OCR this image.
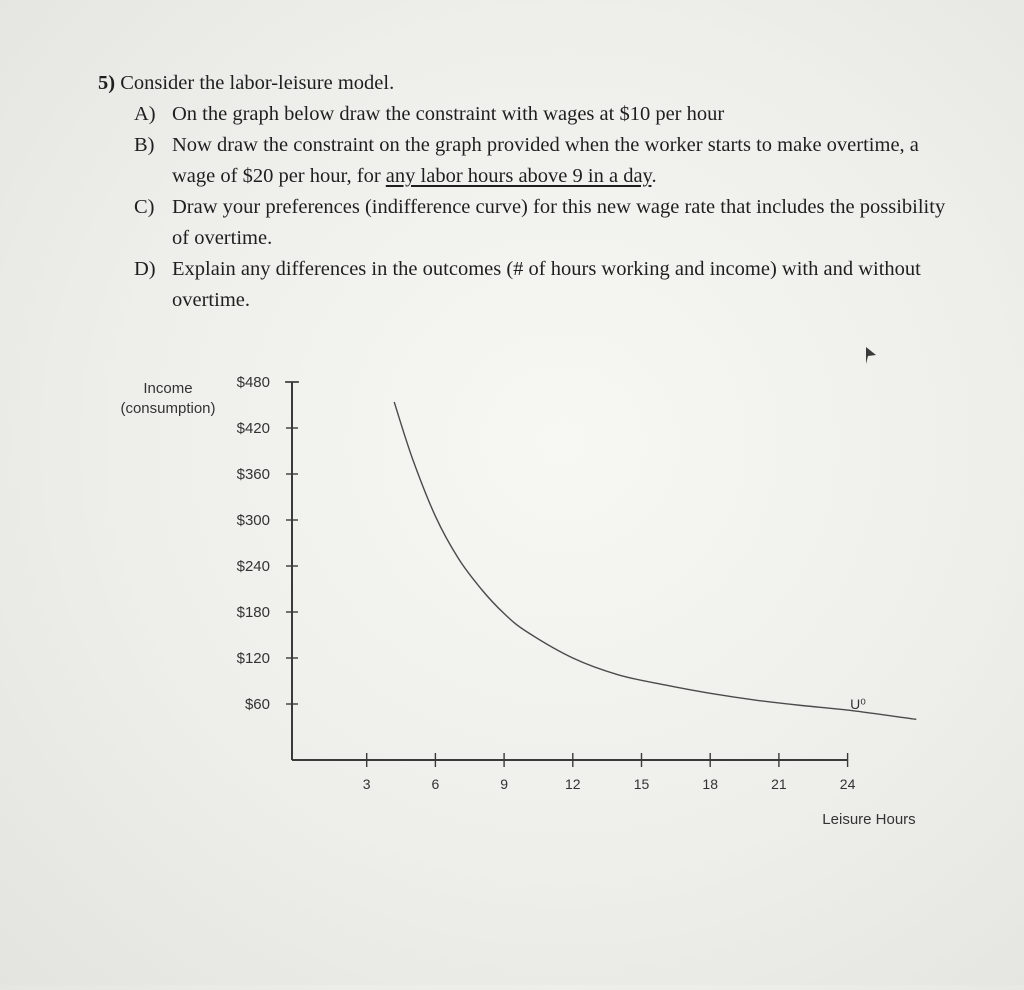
5) Consider the labor-leisure model.

A) On the graph below draw the constraint with wages at $10 per hour
B) Now draw the constraint on the graph provided when the worker starts to make overtime, a wage of $20 per hour, for any labor hours above 9 in a day.
C) Draw your preferences (indifference curve) for this new wage rate that includes the possibility of overtime.
D) Explain any differences in the outcomes (# of hours working and income) with and without overtime.
Income
(consumption)
Leisure Hours
$60
$120
$180
$240
$300
$360
$420
$480
3	6	9	12	15	18	21	24
U⁰
